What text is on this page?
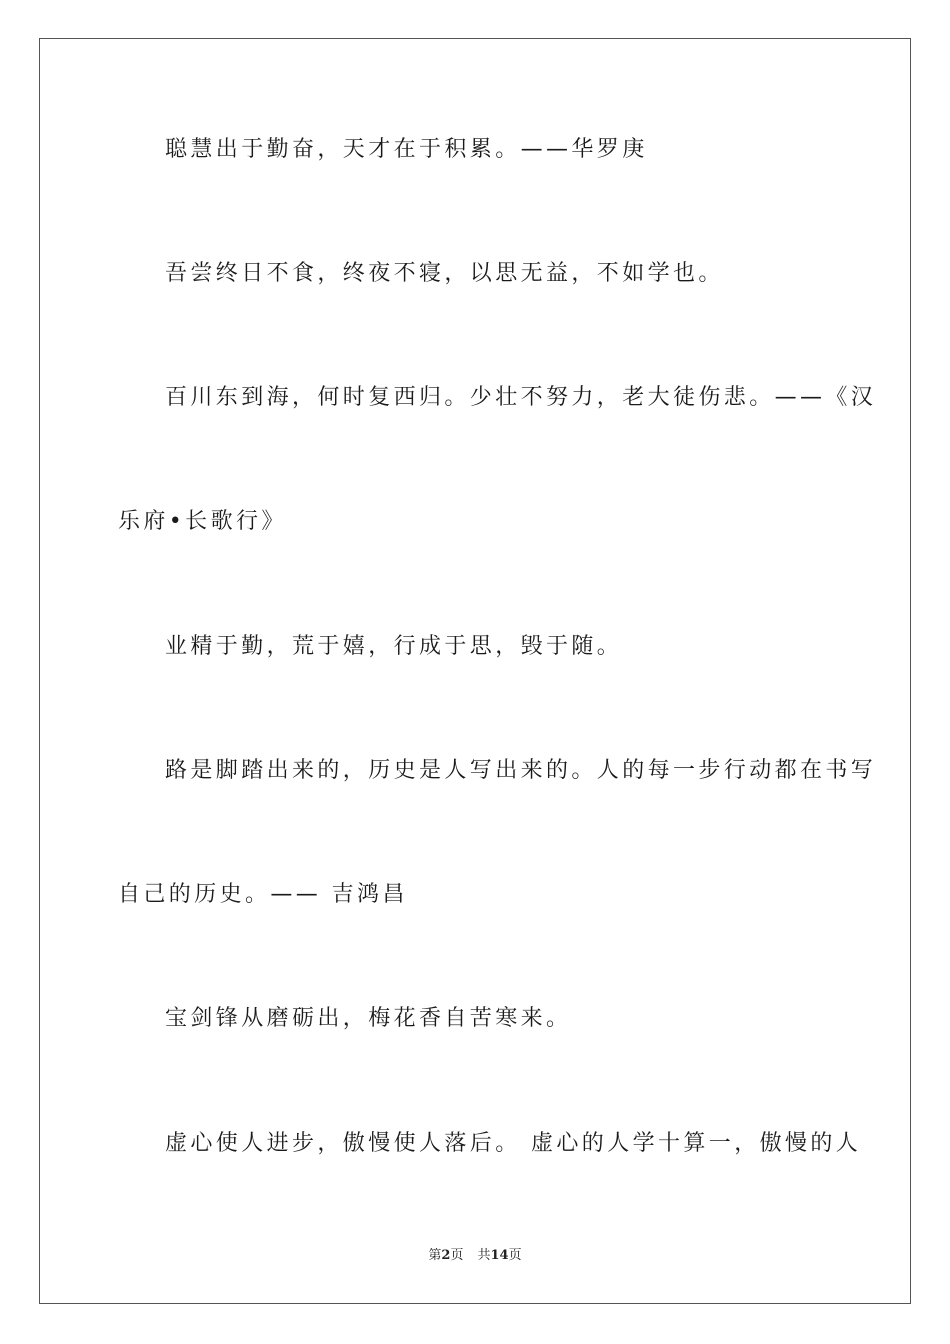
聪慧出于勤奋，天才在于积累。——华罗庚
吾尝终日不食，终夜不寝，以思无益，不如学也。
百川东到海，何时复西归。少壮不努力，老大徒伤悲。——《汉
乐府•长歌行》
业精于勤，荒于嬉，行成于思，毁于随。
路是脚踏出来的，历史是人写出来的。人的每一步行动都在书写
自己的历史。—— 吉鸿昌
宝剑锋从磨砺出，梅花香自苦寒来。
虚心使人进步，傲慢使人落后。 虚心的人学十算一，傲慢的人
第2页 共14页
